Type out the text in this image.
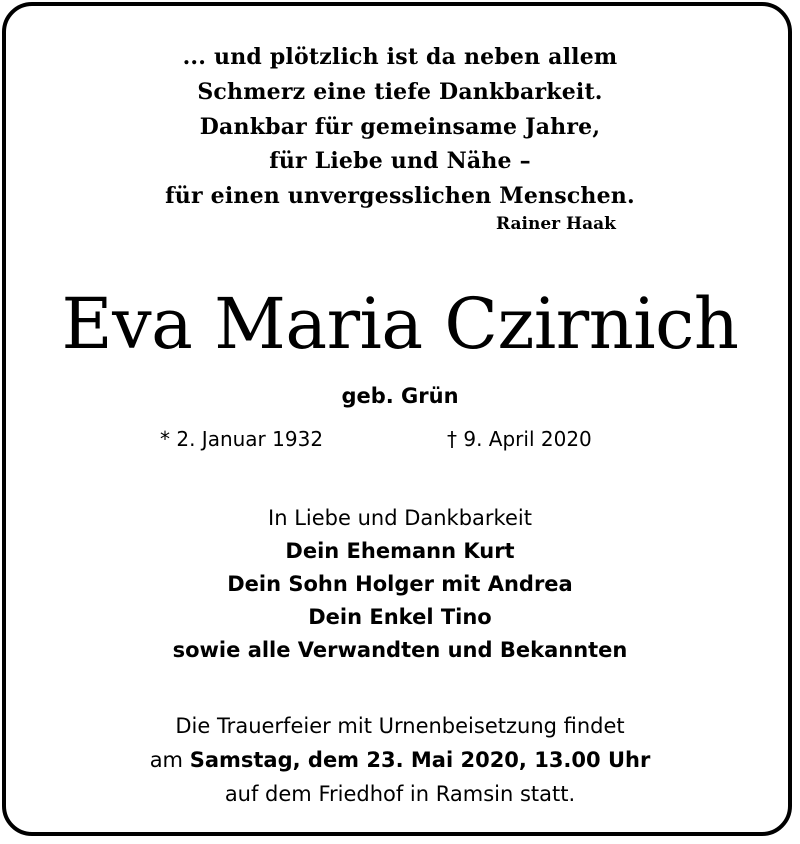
... und plötzlich ist da neben allem
Schmerz eine tiefe Dankbarkeit.
Dankbar für gemeinsame Jahre,
für Liebe und Nähe –
für einen unvergesslichen Menschen.
Rainer Haak
Eva Maria Czirnich
geb. Grün
* 2. Januar 1932	† 9. April 2020
In Liebe und Dankbarkeit
Dein Ehemann Kurt
Dein Sohn Holger mit Andrea
Dein Enkel Tino
sowie alle Verwandten und Bekannten
Die Trauerfeier mit Urnenbeisetzung findet
am Samstag, dem 23. Mai 2020, 13.00 Uhr
auf dem Friedhof in Ramsin statt.
